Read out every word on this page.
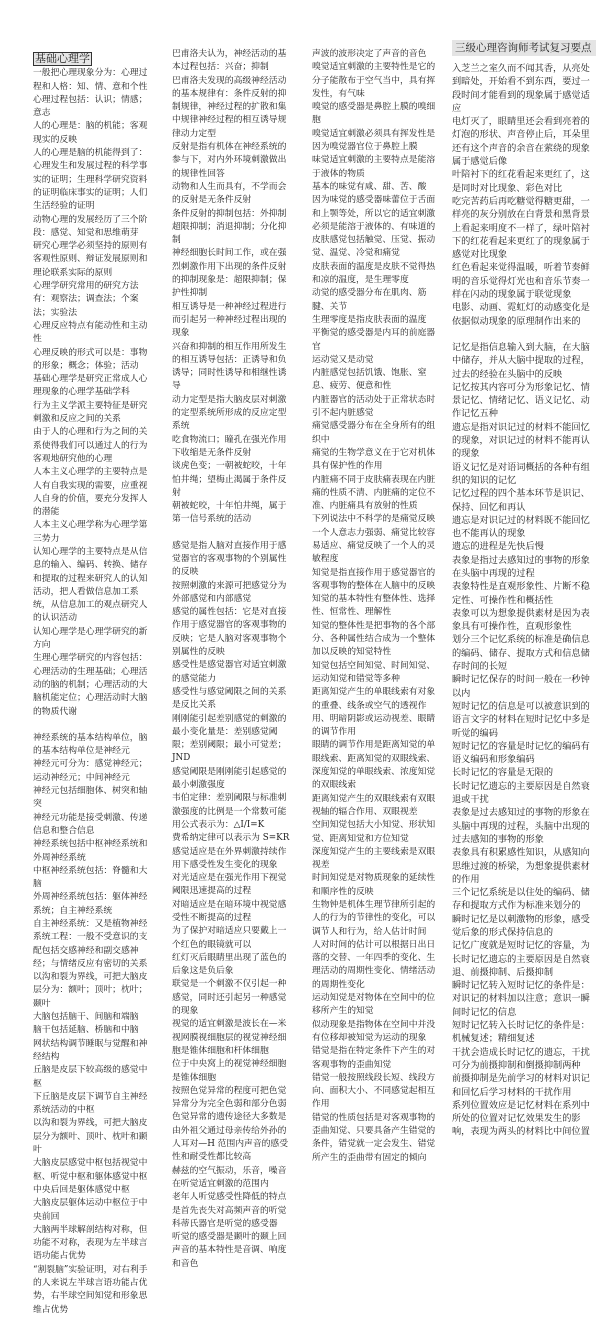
基础心理学

一般把心理现象分为：心理过程和人格：知、情、意和个性

心理过程包括：认识；情感；意志

人的心理是：脑的机能；客观现实的反映

人的心理是脑的机能得到了：心理发生和发展过程的科学事实的证明；生理科学研究资料的证明临床事实的证明；人们生活经验的证明

动物心理的发展经历了三个阶段：感觉、知觉和思维萌芽

研究心理学必须坚持的原则有客观性原则、辩证发展原则和理论联系实际的原则

心理学研究常用的研究方法有：观察法；调查法；个案法；实验法

心理反应特点有能动性和主动性

心理反映的形式可以是：事物的形象；概念；体验；活动

基础心理学是研究正常成人心理现象的心理学基础学科

行为主义学派主要特征是研究刺激和反应之间的关系

由于人的心理和行为之间的关系使得我们可以通过人的行为客观地研究他的心理

人本主义心理学的主要特点是人有自我实现的需要，应重视人自身的价值，要充分发挥人的潜能

人本主义心理学称为心理学第三势力

认知心理学的主要特点是从信息的输入、编码、转换、储存和提取的过程来研究人的认知活动，把人看做信息加工系统，从信息加工的观点研究人的认识活动

认知心理学是心理学研究的新方向

生理心理学研究的内容包括：心理活动的生理基础；心理活动的脑的机制；心理活动的大脑机能定位；心理活动时大脑的物质代谢

神经系统的基本结构单位，脑的基本结构单位是神经元

神经元可分为：感觉神经元；运动神经元；中间神经元

神经元包括细胞体、树突和轴突

神经元功能是接受刺激、传递信息和整合信息

神经系统包括中枢神经系统和外周神经系统

中枢神经系统包括：脊髓和大脑

外周神经系统包括：躯体神经系统；自主神经系统

自主神经系统：又是植物神经系统工程：一般不受意识的支配包括交感神经和副交感神经；与情绪反应有密切的关系

以沟和裂为界线，可把大脑皮层分为：额叶；顶叶；枕叶；颞叶

大脑包括脑干、间脑和端脑

脑干包括延脑、桥脑和中脑

网状结构调节睡眠与觉醒和神经结构

丘脑是皮层下较高级的感觉中枢

下丘脑是皮层下调节自主神经系统活动的中枢

以沟和裂为界线，可把大脑皮层分为额叶、顶叶、枕叶和颞叶

大脑皮层感觉中枢包括视觉中枢、听觉中枢和躯体感觉中枢

中央后回是躯体感觉中枢

大脑皮层躯体运动中枢位于中央前回

大脑两半球解剖结构对称，但功能不对称，表现为左半球言语功能占优势

“割裂脑”实验证明，对右利手的人来说左半球言语功能占优势，右半球空间知觉和形象思维占优势

巴甫洛夫认为，神经活动的基本过程包括：兴奋；抑制

巴甫洛夫发现的高级神经活动的基本规律有：条件反射的抑制规律，神经过程的扩散和集中规律神经过程的相互诱导规律动力定型

反射是指有机体在神经系统的参与下，对内外环境刺激做出的规律性回答

动物和人生而具有，不学而会的反射是无条件反射

条件反射的抑制包括：外抑制超限抑制；消退抑制；分化抑制

神经细胞长时间工作，或在强烈刺激作用下出现的条件反射的抑制现象是：超限抑制；保护性抑制

相互诱导是一种神经过程进行而引起另一种神经过程出现的现象

兴奋和抑制的相互作用所发生的相互诱导包括：正诱导和负诱导；同时性诱导和相继性诱导

动力定型是指大脑皮层对刺激的定型系统所形成的反应定型系统

吃食物流口；瞳孔在强光作用下收缩是无条件反射

谈虎色变；一朝被蛇咬，十年怕井绳；望梅止渴属于条件反射

朝被蛇咬，十年怕井绳，属于第一信号系统的活动

感觉是指人脑对直接作用于感觉器官的客观事物的个别属性的反映

按照刺激的来源可把感觉分为外部感觉和内部感觉

感觉的属性包括：它是对直接作用于感觉器官的客观事物的反映；它是人脑对客观事物个别属性的反映

感受性是感觉器官对适宜刺激的感觉能力

感受性与感觉阈限之间的关系是反比关系

刚刚能引起差别感觉的刺激的最小变化量是：差别感觉阈限；差别阈限；最小可觉差；JND

感觉阈限是刚刚能引起感觉的最小刺激强度

韦伯定律：差别阈限与标准刺激强度的比例是一个常数可能用公式表示为：△I/I=K

费希纳定律可以表示为 S=KR

感觉适应是在外界刺激持续作用下感受性发生变化的现象

对光适应是在强光作用下视觉阈限迅速提高的过程

对暗适应是在暗环境中视觉感受性不断提高的过程

为了保护对暗适应只要戴上一个红色的眼镜就可以

红灯灭后眼睛里出现了蓝色的后象这是负后象

联觉是一个刺激不仅引起一种感觉，同时还引起另一种感觉的现象

视觉的适宜刺激是波长在—米

视网膜视细胞层的视觉神经细胞是锥体细胞和杆体细胞

位于中央窝上的视觉神经细胞是锥体细胞

按照色觉异常的程度可把色觉异常分为完全色弱和部分色弱

色觉异常的遗传途径大多数是由外祖父通过母亲传给外孙的

人耳对—H 范围内声音的感受性和耐受性都比较高

赫兹的空气振动，乐音，噪音在听觉适宜刺激的范围内

老年人听觉感受性降低的特点是首先丧失对高频声音的听觉

科蒂氏器官是听觉的感受器

听觉的感受器是颞叶的颞上回

声音的基本特性是音调、响度和音色

声波的波形决定了声音的音色

嗅觉适宜刺激的主要特性是它的分子能散布于空气当中，具有挥发性，有气味

嗅觉的感受器是鼻腔上膜的嗅细胞

嗅觉适宜刺激必须具有挥发性是因为嗅觉器官位于鼻腔上膜

味觉适宜刺激的主要特点是能溶于液体的物质

基本的味觉有咸、甜、苦、酸

因为味觉的感受器味蕾位于舌面和上颚等处，所以它的适宜刺激必须是能溶于液体的、有味道的

皮肤感觉包括触觉、压觉、振动觉、温觉、冷觉和痛觉

皮肤表面的温度是皮肤不觉得热和凉的温度，是生理零度

动觉的感受器分布在肌肉、筋腱、关节

生理零度是指皮肤表面的温度

平衡觉的感受器是内耳的前庭器官

运动觉又是动觉

内脏感觉包括饥饿、饱胀、窒息、疲劳、便意和性

内脏器官的活动处于正常状态时引不起内脏感觉

痛觉感受器分布在全身所有的组织中

痛觉的生物学意义在于它对机体具有保护性的作用

内脏痛不同于皮肤痛表现在内脏痛的性质不清、内脏痛的定位不准、内脏痛具有放射的性质

下列说法中不科学的是痛觉反映一个人意志力强弱、痛觉比较容易适应、痛觉反映了一个人的灵敏程度

知觉是指直接作用于感觉器官的客观事物的整体在人脑中的反映

知觉的基本特性有整体性、选择性、恒常性、理解性

知觉的整体性是把事物的各个部分、各种属性结合成为一个整体加以反映的知觉特性

知觉包括空间知觉、时间知觉、运动知觉和错觉等多种

距离知觉产生的单眼线索有对象的重叠、线条或空气的透视作用、明暗阴影或运动视差、眼睛的调节作用

眼睛的调节作用是距离知觉的单眼线索、距离知觉的双眼线索、深度知觉的单眼线索、浓度知觉的双眼线索

距离知觉产生的双眼线索有双眼视轴的辐合作用、双眼视差

空间知觉包括大小知觉、形状知觉、距离知觉和方位知觉

深度知觉产生的主要线索是双眼视差

时间知觉是对物质现象的延续性和顺序性的反映

生物钟是机体生理节律所引起的人的行为的节律性的变化，可以调节人和行为，给人估计时间

人对时间的估计可以根据日出日落的交替、一年四季的变化、生理活动的周期性变化、情绪活动的周期性变化

运动知觉是对物体在空间中的位移所产生的知觉

似动现象是指物体在空间中并没有位移却被知觉为运动的现象

错觉是指在特定条件下产生的对客观事物的歪曲知觉

错觉一般按照线段长短、线段方向、面积大小、不同感觉起相互作用

错觉的性质包括是对客观事物的歪曲知觉、只要具备产生错觉的条件，错觉就一定会发生、错觉所产生的歪曲带有固定的倾向

三级心理咨询师考试复习要点

入芝兰之室久而不闻其香，从亮处到暗处，开始看不到东西，要过一段时间才能看到的现象属于感觉适应

电灯灭了，眼睛里还会看到亮着的灯泡的形状、声音停止后，耳朵里还有这个声音的余音在萦绕的现象属于感觉后像

叶陪衬下的红花看起来更红了，这是同时对比现象、彩色对比

吃完苦药后再吃糖觉得糖更甜，一样亮的灰分别放在白背景和黑背景上看起来明度不一样了，绿叶陪衬下的红花看起来更红了的现象属于感觉对比现象

红色看起来觉得温暖，听着节奏鲜明的音乐觉得灯光也和音乐节奏一样在闪动的现象属于联觉现象

电影、动画、霓虹灯的动感变化是依据似动现象的原理制作出来的

记忆是指信息输入到大脑，在大脑中储存，并从大脑中提取的过程，过去的经验在头脑中的反映

记忆按其内容可分为形象记忆、情景记忆、情绪记忆、语义记忆、动作记忆五种

遗忘是指对识记过的材料不能回忆的现象，对识记过的材料不能再认的现象

语义记忆是对语词概括的各种有组织的知识的记忆

记忆过程的四个基本环节是识记、保持、回忆和再认

遗忘是对识记过的材料既不能回忆也不能再认的现象

遗忘的进程是先快后慢

表象是指过去感知过的事物的形象在头脑中再现的过程

表象特性是直观形象性、片断不稳定性、可操作性和概括性

表象可以为想象提供素材是因为表象具有可操作性，直观形象性

划分三个记忆系统的标准是确信息的编码、储存、提取方式和信息储存时间的长短

瞬时记忆保存的时间一般在一秒钟以内

短时记忆的信息是可以被意识到的语言文字的材料在短时记忆中多是听觉的编码

短时记忆的容量是时记忆的编码有语义编码和形象编码

长时记忆的容量是无限的

长时记忆遗忘的主要原因是自然衰退或干扰

表象是过去感知过的事物的形象在头脑中再现的过程，头脑中出现的过去感知的事物的形象

表象具有积累感性知识，从感知向思维过渡的桥梁，为想象提供素材的作用

三个记忆系统是以住处的编码、储存和提取方式作为标准来划分的

瞬时记忆是以刺激物的形象，感受觉后象的形式保持信息的

记忆广度就是短时记忆的容量，为长时记忆遗忘的主要原因是自然衰退、前摄抑制、后摄抑制

瞬时记忆转入短时记忆的条件是：对识记的材料加以注意；意识一瞬间时记忆的信息

短时记忆转入长时记忆的条件是：机械复述；精细复述

干扰会造成长时记忆的遗忘，干扰可分为前摄抑制和倒摄抑制两种

前摄抑制是先前学习的材料对识记和回忆后学习材料的干扰作用

系列位置效应是记忆材料在系列中所处的位置对记忆效果发生的影响，表现为两头的材料比中间位置
